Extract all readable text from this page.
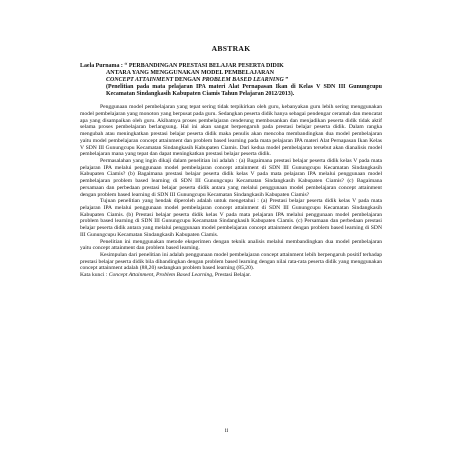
ABSTRAK
Laela Purnama : “ PERBANDINGAN PRESTASI BELAJAR PESERTA DIDIK

ANTARA YANG MENGGUNAKAN MODEL PEMBELAJARAN
CONCEPT ATTAINMENT DENGAN PROBLEM BASED LEARNING ”
(Penelitian pada mata pelajaran IPA materi Alat Pernapasan Ikan di Kelas V SDN III Gunungcupu Kecamatan Sindangkasih Kabupaten Ciamis Tahun Pelajaran 2012/2013).

Penggunaan model pembelajaran yang tepat sering tidak terpikirkan oleh guru, kebanyakan guru lebih sering menggunakan model pembelajaran yang monoton yang berpusat pada guru. Sedangkan peserta didik hanya sebagai pendengar ceramah dan mencatat apa yang disampaikan oleh guru. Akibatnya proses pembelajaran cenderung membosankan dan menjadikan peserta didik tidak aktif selama proses pembelajaran berlangsung. Hal ini akan sangat berpengaruh pada prestasi belajar peserta didik. Dalam rangka mengubah atau meningkatkan prestasi belajar peserta didik maka penulis akan mencoba membandingkan dua model pembelajaran yaitu model pembelajaran concept attainment dan problem based learning pada mata pelajaran IPA materi Alat Pernapasan Ikan Kelas V SDN III Gunungcupu Kecamatan Sindangkasih Kabupaten Ciamis. Dari kedua model pembelajaran tersebut akan dianalisis model pembelajaran mana yang tepat dan dapat meningkatkan prestasi belajar peserta didik.

Permasalahan yang ingin dikaji dalam penelitian ini adalah : (a) Bagaimana prestasi belajar peserta didik kelas V pada mata pelajaran IPA melalui penggunaan model pembelajaran concept attainment di SDN III Gunungcupu Kecamatan Sindangkasih Kabupaten Ciamis? (b) Bagaimana prestasi belajar peserta didik kelas V pada mata pelajaran IPA melalui penggunaan model pembelajaran problem based learning di SDN III Gunungcupu Kecamatan Sindangkasih Kabupaten Ciamis? (c) Bagaimana persamaan dan perbedaan prestasi belajar peserta didik antara yang melalui penggunaan model pembelajaran concept attainment dengan problem based learning di SDN III Gunungcupu Kecamatan Sindangkasih Kabupaten Ciamis?

Tujuan penelitian yang hendak diperoleh adalah untuk mengetahui : (a) Prestasi belajar peserta didik kelas V pada mata pelajaran IPA melalui penggunaan model pembelajaran concept attainment di SDN III Gunungcupu Kecamatan Sindangkasih Kabupaten Ciamis. (b) Prestasi belajar peserta didik kelas V pada mata pelajaran IPA melalui penggunaan model pembelajaran problem based learning di SDN III Gunungcupu Kecamatan Sindangkasih Kabupaten Ciamis. (c) Persamaan dan perbedaan prestasi belajar peserta didik antara yang melalui penggunaan model pembelajaran concept attainment dengan problem based learning di SDN III Gunungcupu Kecamatan Sindangkasih Kabupaten Ciamis.

Penelitian ini menggunakan metode eksperimen dengan teknik analisis melalui membandingkan dua model pembelajaran yaitu concept attainment dan problem based learning.

Kesimpulan dari penelitian ini adalah penggunaan model pembelajaran concept attainment lebih berpengaruh positif terhadap prestasi belajar peserta didik bila dibandingkan dengan problem based learning dengan nilai rata-rata peserta didik yang menggunakan concept attainment adalah (88,20) sedangkan problem based learning (85,20).

Kata kunci : Concept Attainment, Problem Based Learning, Prestasi Belajar.

ii
